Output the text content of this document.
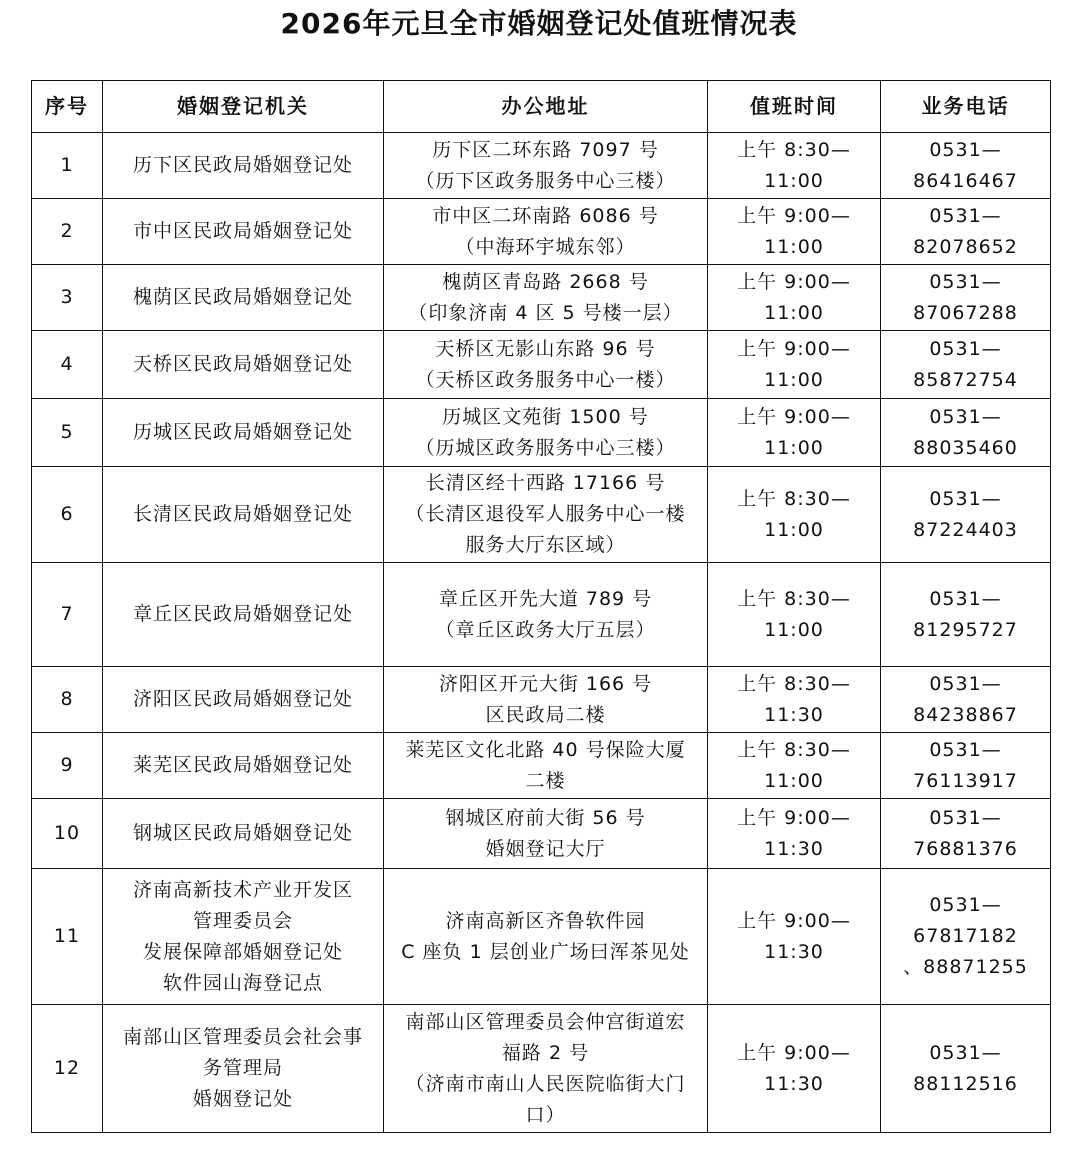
2026年元旦全市婚姻登记处值班情况表
序号	婚姻登记机关	办公地址	值班时间	业务电话
1	历下区民政局婚姻登记处	历下区二环东路 7097 号
（历下区政务服务中心三楼）	上午 8:30—11:00	0531—86416467

2	市中区民政局婚姻登记处	市中区二环南路 6086 号
（中海环宇城东邻）	上午 9:00—11:00	0531—82078652

3	槐荫区民政局婚姻登记处	槐荫区青岛路 2668 号
（印象济南 4 区 5 号楼一层）	上午 9:00—11:00	0531—87067288

4	天桥区民政局婚姻登记处	天桥区无影山东路 96 号
（天桥区政务服务中心一楼）	上午 9:00—11:00	0531—85872754

5	历城区民政局婚姻登记处	历城区文苑街 1500 号
（历城区政务服务中心三楼）	上午 9:00—11:00	0531—88035460

6	长清区民政局婚姻登记处	长清区经十西路 17166 号
（长清区退役军人服务中心一楼
服务大厅东区域）	上午 8:30—11:00	0531—87224403

7	章丘区民政局婚姻登记处	章丘区开先大道 789 号
（章丘区政务大厅五层）	上午 8:30—11:00	0531—81295727

8	济阳区民政局婚姻登记处	济阳区开元大街 166 号
区民政局二楼	上午 8:30—11:30	0531—84238867

9	莱芜区民政局婚姻登记处	莱芜区文化北路 40 号保险大厦
二楼	上午 8:30—11:00	0531—76113917

10	钢城区民政局婚姻登记处	钢城区府前大街 56 号
婚姻登记大厅	上午 9:00—11:30	0531—76881376

11	济南高新技术产业开发区
管理委员会
发展保障部婚姻登记处
软件园山海登记点	济南高新区齐鲁软件园
C 座负 1 层创业广场曰浑茶见处	上午 9:00—11:30	0531—67817182
、88871255

12	南部山区管理委员会社会事
务管理局
婚姻登记处	南部山区管理委员会仲宫街道宏
福路 2 号
（济南市南山人民医院临街大门
口）	上午 9:00—11:30	0531—88112516
